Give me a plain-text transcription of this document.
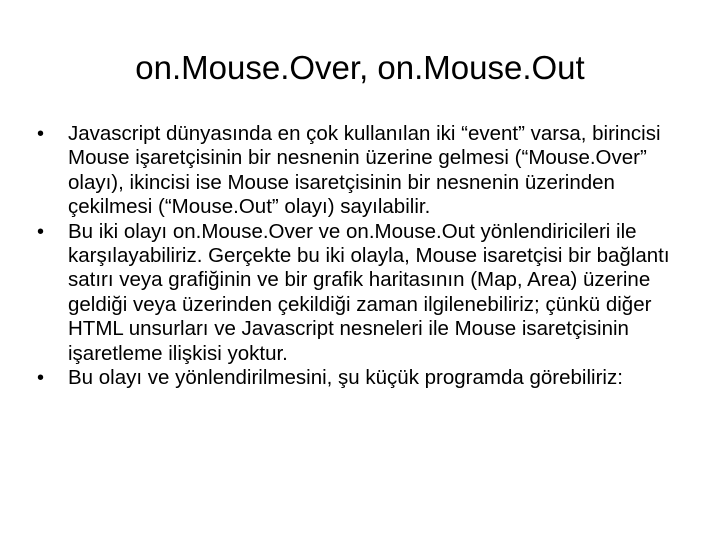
on.Mouse.Over, on.Mouse.Out
• Javascript dünyasında en çok kullanılan iki “event” varsa, birincisi Mouse işaretçisinin bir nesnenin üzerine gelmesi (“Mouse.Over” olayı), ikincisi ise Mouse isaretçisinin bir nesnenin üzerinden çekilmesi (“Mouse.Out” olayı) sayılabilir.
• Bu iki olayı on.Mouse.Over ve on.Mouse.Out yönlendiricileri ile karşılayabiliriz. Gerçekte bu iki olayla, Mouse isaretçisi bir bağlantı satırı veya grafiğinin ve bir grafik haritasının (Map, Area) üzerine geldiği veya üzerinden çekildiği zaman ilgilenebiliriz; çünkü diğer HTML unsurları ve Javascript nesneleri ile Mouse isaretçisinin işaretleme ilişkisi yoktur.
• Bu olayı ve yönlendirilmesini, şu küçük programda görebiliriz:
